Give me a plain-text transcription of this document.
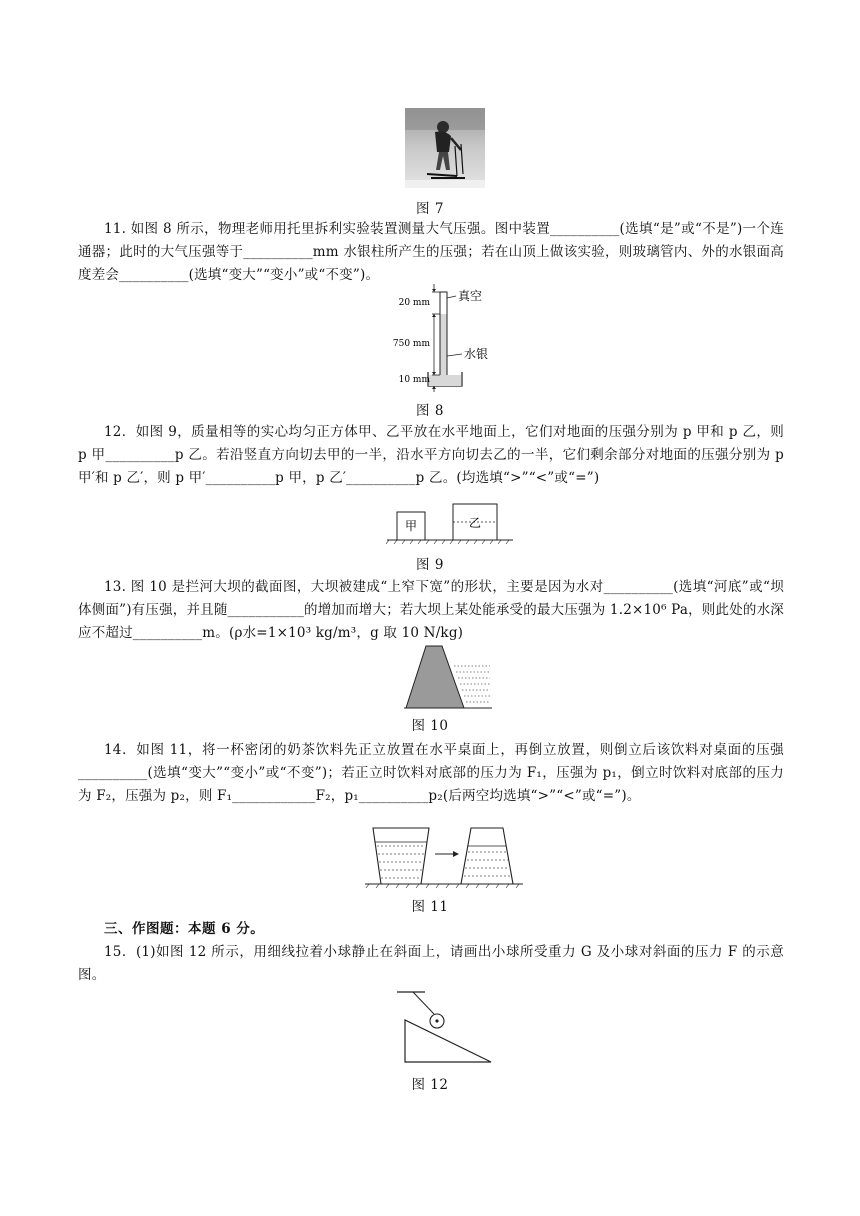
图 7
11. 如图 8 所示，物理老师用托里拆利实验装置测量大气压强。图中装置__________(选填“是”或“不是”)一个连通器；此时的大气压强等于__________mm 水银柱所产生的压强；若在山顶上做该实验，则玻璃管内、外的水银面高度差会__________(选填“变大”“变小”或“不变”)。
20 mm
750 mm
10 mm
真空
水银
图 8
12．如图 9，质量相等的实心均匀正方体甲、乙平放在水平地面上，它们对地面的压强分别为 p 甲和 p 乙，则 p 甲__________p 乙。若沿竖直方向切去甲的一半，沿水平方向切去乙的一半，它们剩余部分对地面的压强分别为 p 甲′和 p 乙′，则 p 甲′__________p 甲，p 乙′__________p 乙。(均选填“>”“<”或“=”)
甲	乙
图 9
13. 图 10 是拦河大坝的截面图，大坝被建成“上窄下宽”的形状，主要是因为水对__________(选填“河底”或“坝体侧面”)有压强，并且随___________的增加而增大；若大坝上某处能承受的最大压强为 1.2×10⁶ Pa，则此处的水深应不超过__________m。(ρ水=1×10³ kg/m³，g 取 10 N/kg)
图 10
14．如图 11，将一杯密闭的奶茶饮料先正立放置在水平桌面上，再倒立放置，则倒立后该饮料对桌面的压强__________(选填“变大”“变小”或“不变”)；若正立时饮料对底部的压力为 F₁，压强为 p₁，倒立时饮料对底部的压力为 F₂，压强为 p₂，则 F₁____________F₂，p₁__________p₂(后两空均选填“>”“<”或“=”)。
图 11
三、作图题：本题 6 分。
15．(1)如图 12 所示，用细线拉着小球静止在斜面上，请画出小球所受重力 G 及小球对斜面的压力 F 的示意图。
图 12
